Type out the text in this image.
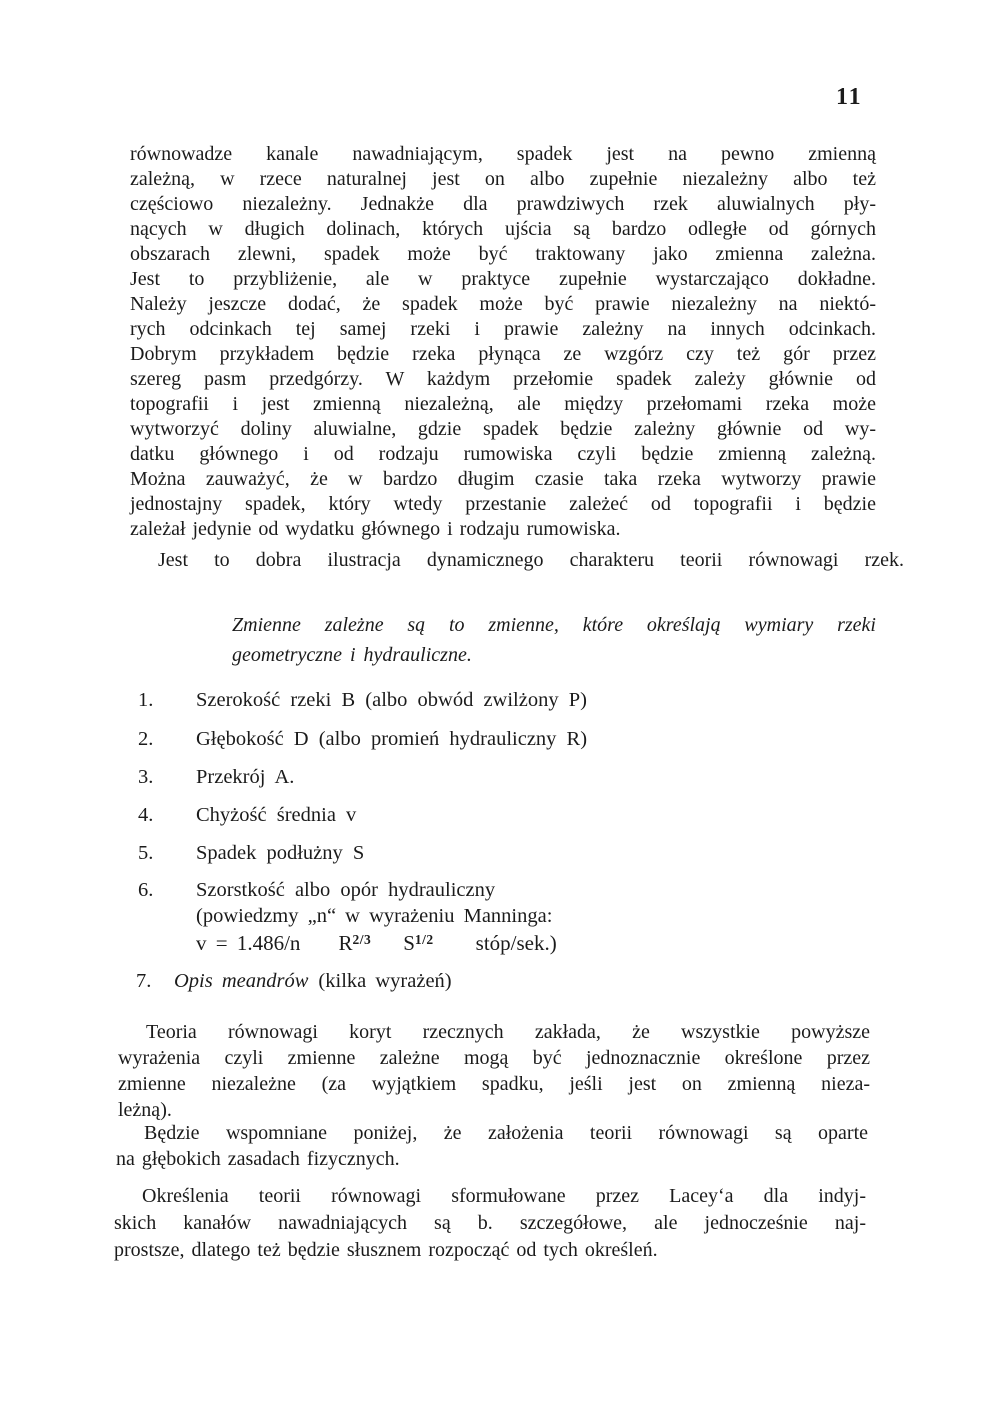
11
równowadze kanale nawadniającym, spadek jest na pewno zmienną
zależną, w rzece naturalnej jest on albo zupełnie niezależny albo też
częściowo niezależny. Jednakże dla prawdziwych rzek aluwialnych pły-
nących w długich dolinach, których ujścia są bardzo odległe od górnych
obszarach zlewni, spadek może być traktowany jako zmienna zależna.
Jest to przybliżenie, ale w praktyce zupełnie wystarczająco dokładne.
Należy jeszcze dodać, że spadek może być prawie niezależny na niektó-
rych odcinkach tej samej rzeki i prawie zależny na innych odcinkach.
Dobrym przykładem będzie rzeka płynąca ze wzgórz czy też gór przez
szereg pasm przedgórzy. W każdym przełomie spadek zależy głównie od
topografii i jest zmienną niezależną, ale między przełomami rzeka może
wytworzyć doliny aluwialne, gdzie spadek będzie zależny głównie od wy-
datku głównego i od rodzaju rumowiska czyli będzie zmienną zależną.
Można zauważyć, że w bardzo długim czasie taka rzeka wytworzy prawie
jednostajny spadek, który wtedy przestanie zależeć od topografii i będzie
zależał jedynie od wydatku głównego i rodzaju rumowiska.
Jest to dobra ilustracja dynamicznego charakteru teorii równowagi rzek.
Zmienne zależne są to zmienne, które określają wymiary rzeki
geometryczne i hydrauliczne.
1. Szerokość rzeki B (albo obwód zwilżony P)
2. Głębokość D (albo promień hydrauliczny R)
3. Przekrój A.
4. Chyżość średnia v
5. Spadek podłużny S
6. Szorstkość albo opór hydrauliczny
(powiedzmy „n“ w wyrażeniu Manninga:
v = 1.486/n $R^{2/3}$ $S^{1/2}$ stóp/sek.)
7. Opis meandrów (kilka wyrażeń)
Teoria równowagi koryt rzecznych zakłada, że wszystkie powyższe
wyrażenia czyli zmienne zależne mogą być jednoznacznie określone przez
zmienne niezależne (za wyjątkiem spadku, jeśli jest on zmienną nieza-
leżną).
Będzie wspomniane poniżej, że założenia teorii równowagi są oparte
na głębokich zasadach fizycznych.
Określenia teorii równowagi sformułowane przez Lacey‘a dla indyj-
skich kanałów nawadniających są b. szczegółowe, ale jednocześnie naj-
prostsze, dlatego też będzie słusznem rozpocząć od tych określeń.
